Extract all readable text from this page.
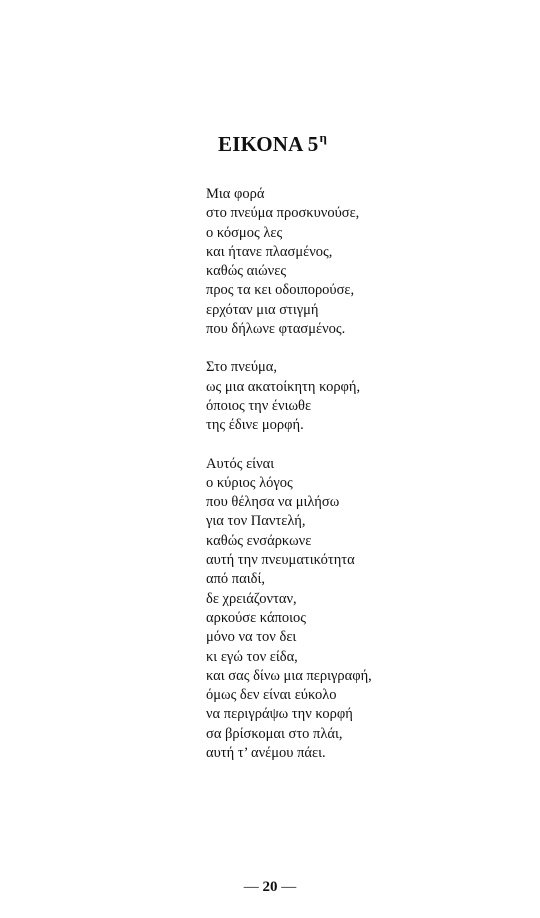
ΕΙΚΟΝΑ $5^\eta$
Μια φορά
στο πνεύμα προσκυνούσε,
ο κόσμος λες
και ήτανε πλασμένος,
καθώς αιώνες
προς τα κει οδοιπορούσε,
ερχόταν μια στιγμή
που δήλωνε φτασμένος.
Στο πνεύμα,
ως μια ακατοίκητη κορφή,
όποιος την ένιωθε
της έδινε μορφή.
Αυτός είναι
ο κύριος λόγος
που θέλησα να μιλήσω
για τον Παντελή,
καθώς ενσάρκωνε
αυτή την πνευματικότητα
από παιδί,
δε χρειάζονταν,
αρκούσε κάποιος
μόνο να τον δει
κι εγώ τον είδα,
και σας δίνω μια περιγραφή,
όμως δεν είναι εύκολο
να περιγράψω την κορφή
σα βρίσκομαι στο πλάι,
αυτή τ’ ανέμου πάει.
— 20 —
